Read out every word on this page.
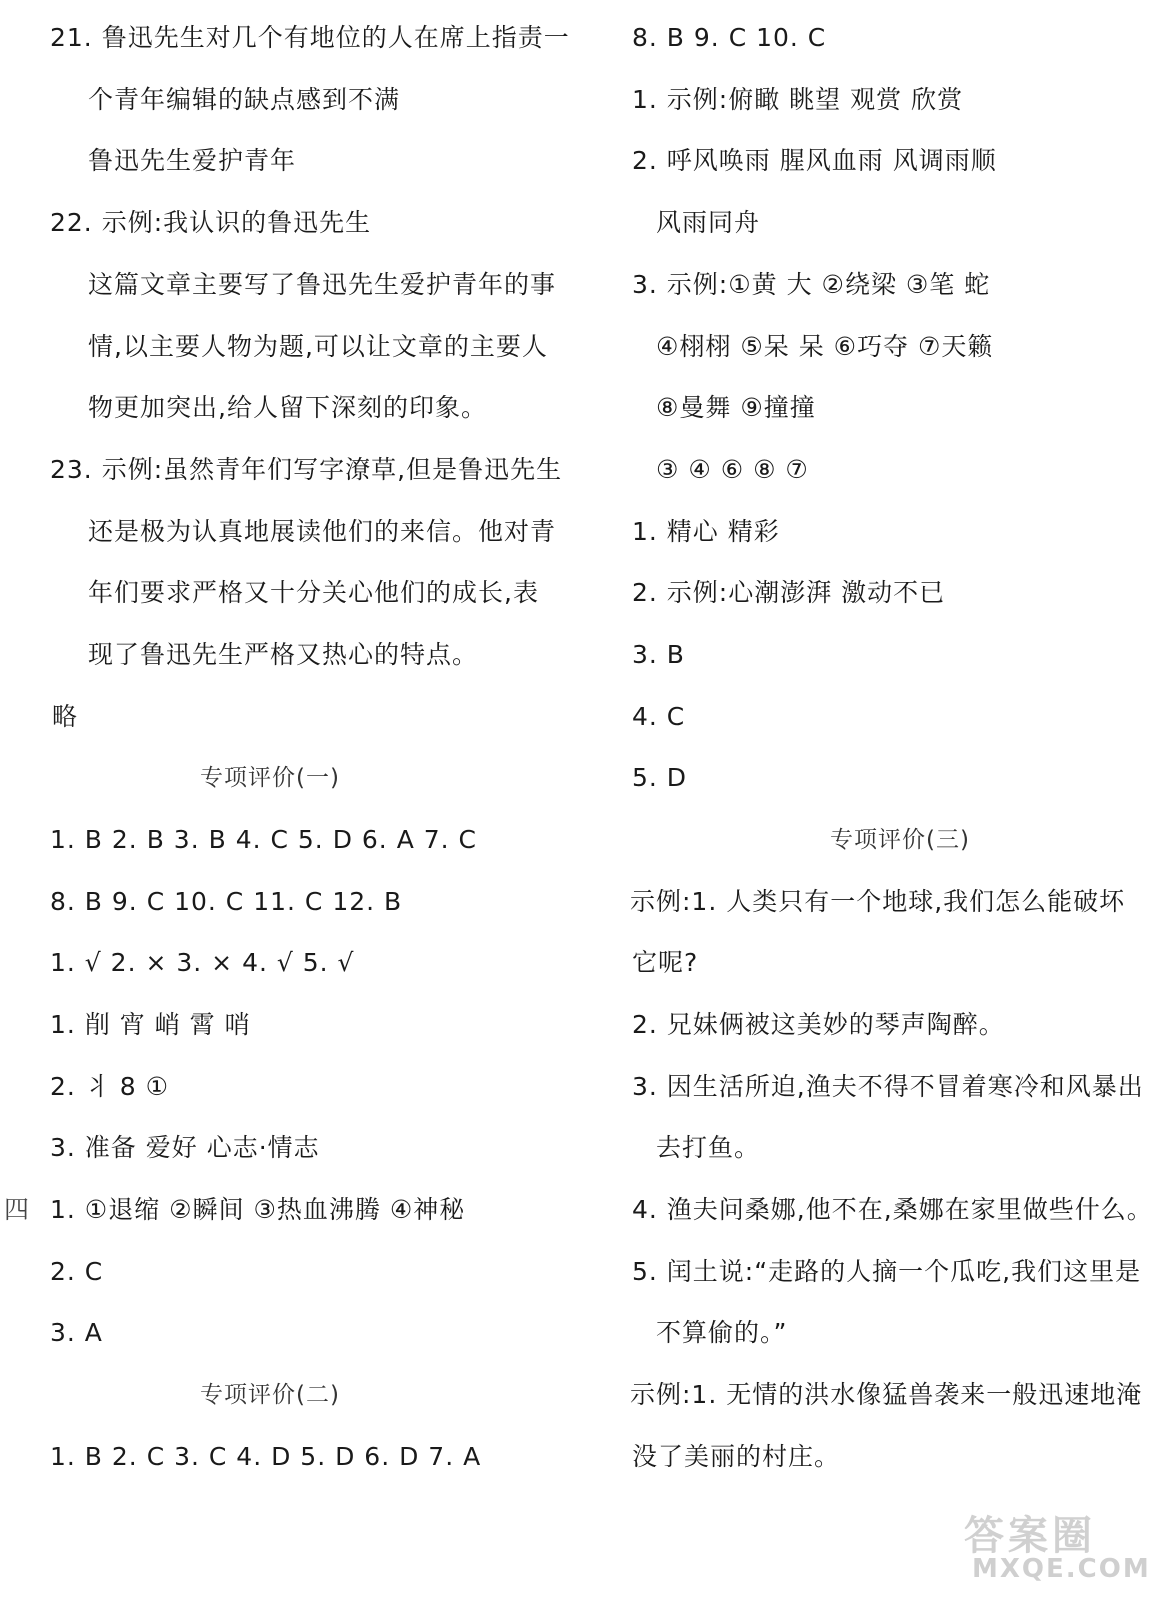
21. 鲁迅先生对几个有地位的人在席上指责一
个青年编辑的缺点感到不满
鲁迅先生爱护青年
22. 示例:我认识的鲁迅先生
这篇文章主要写了鲁迅先生爱护青年的事
情,以主要人物为题,可以让文章的主要人
物更加突出,给人留下深刻的印象。
23. 示例:虽然青年们写字潦草,但是鲁迅先生
还是极为认真地展读他们的来信。他对青
年们要求严格又十分关心他们的成长,表
现了鲁迅先生严格又热心的特点。
略
专项评价(一)
1. B 2. B 3. B 4. C 5. D 6. A 7. C
8. B 9. C 10. C 11. C 12. B
1. √ 2. × 3. × 4. √ 5. √
1. 削 宵 峭 霄 哨
2. 丬 8 ①
3. 准备 爱好 心志·情志
四 1. ①退缩 ②瞬间 ③热血沸腾 ④神秘
2. C
3. A
专项评价(二)
1. B 2. C 3. C 4. D 5. D 6. D 7. A
8. B 9. C 10. C
1. 示例:俯瞰 眺望 观赏 欣赏
2. 呼风唤雨 腥风血雨 风调雨顺
风雨同舟
3. 示例:①黄 大 ②绕梁 ③笔 蛇
④栩栩 ⑤呆 呆 ⑥巧夺 ⑦天籁
⑧曼舞 ⑨撞撞
③ ④ ⑥ ⑧ ⑦
1. 精心 精彩
2. 示例:心潮澎湃 激动不已
3. B
4. C
5. D
专项评价(三)
示例:1. 人类只有一个地球,我们怎么能破坏
它呢?
2. 兄妹俩被这美妙的琴声陶醉。
3. 因生活所迫,渔夫不得不冒着寒冷和风暴出
去打鱼。
4. 渔夫问桑娜,他不在,桑娜在家里做些什么。
5. 闰土说:“走路的人摘一个瓜吃,我们这里是
不算偷的。”
示例:1. 无情的洪水像猛兽袭来一般迅速地淹
没了美丽的村庄。
答案圈
MXQE.COM
